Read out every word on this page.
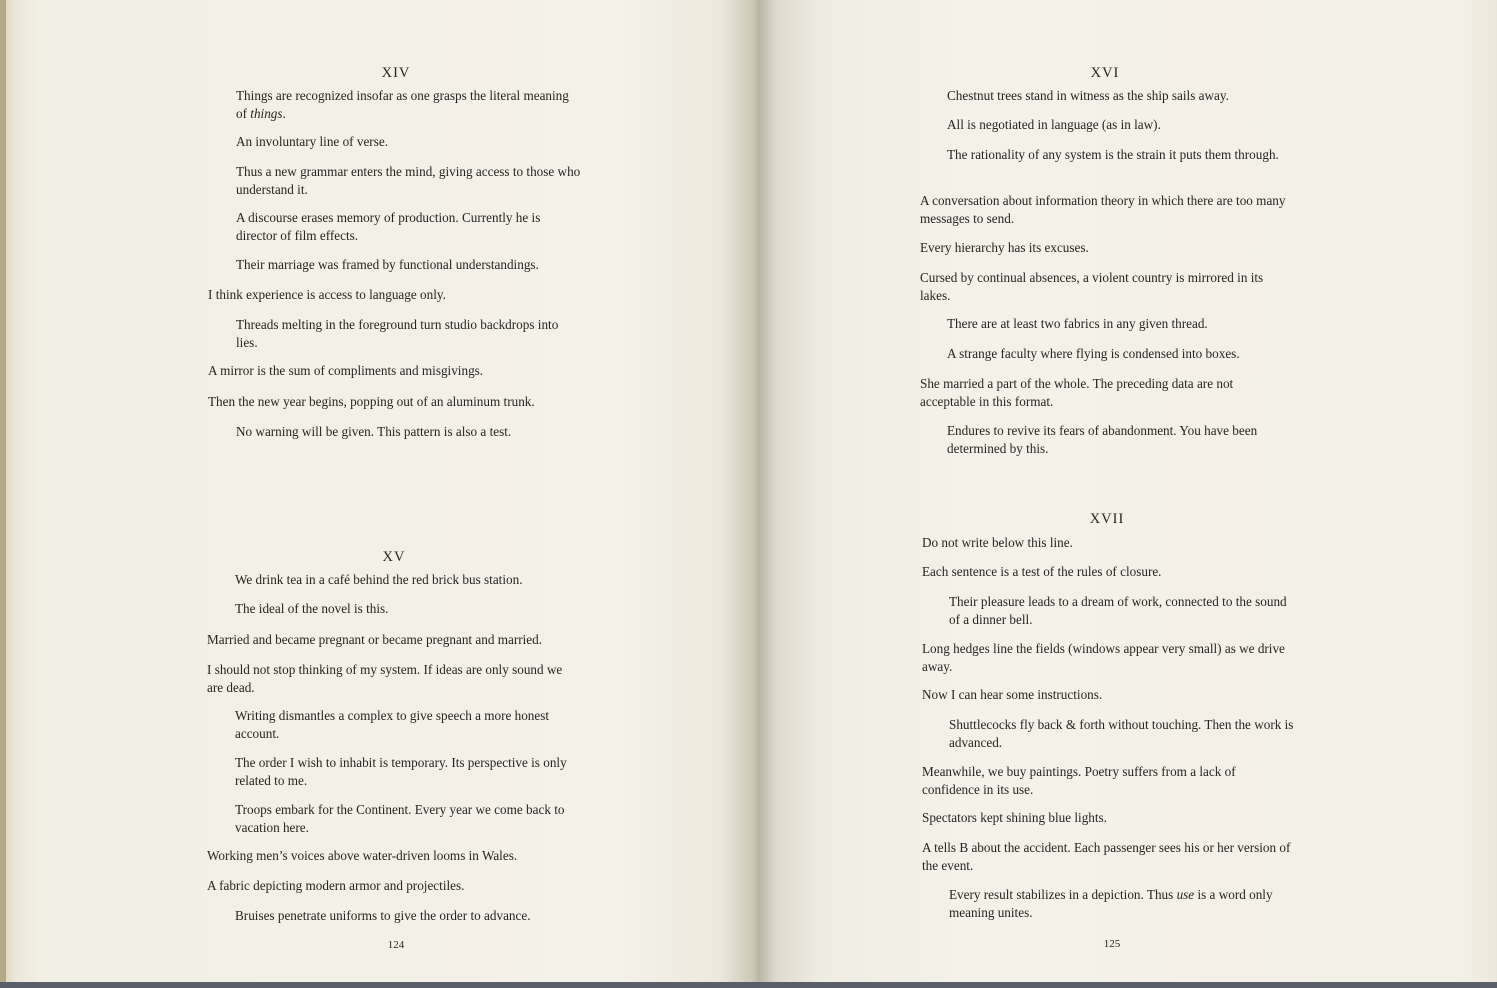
XIV

Things are recognized insofar as one grasps the literal meaning of things.

An involuntary line of verse.

Thus a new grammar enters the mind, giving access to those who understand it.

A discourse erases memory of production. Currently he is director of film effects.

Their marriage was framed by functional understandings.

I think experience is access to language only.

Threads melting in the foreground turn studio backdrops into lies.

A mirror is the sum of compliments and misgivings.

Then the new year begins, popping out of an aluminum trunk.

No warning will be given. This pattern is also a test.

XV

We drink tea in a café behind the red brick bus station.

The ideal of the novel is this.

Married and became pregnant or became pregnant and married.

I should not stop thinking of my system. If ideas are only sound we are dead.

Writing dismantles a complex to give speech a more honest account.

The order I wish to inhabit is temporary. Its perspective is only related to me.

Troops embark for the Continent. Every year we come back to vacation here.

Working men’s voices above water-driven looms in Wales.

A fabric depicting modern armor and projectiles.

Bruises penetrate uniforms to give the order to advance.

124
XVI

Chestnut trees stand in witness as the ship sails away.

All is negotiated in language (as in law).

The rationality of any system is the strain it puts them through.

A conversation about information theory in which there are too many messages to send.

Every hierarchy has its excuses.

Cursed by continual absences, a violent country is mirrored in its lakes.

There are at least two fabrics in any given thread.

A strange faculty where flying is condensed into boxes.

She married a part of the whole. The preceding data are not acceptable in this format.

Endures to revive its fears of abandonment. You have been determined by this.

XVII

Do not write below this line.

Each sentence is a test of the rules of closure.

Their pleasure leads to a dream of work, connected to the sound of a dinner bell.

Long hedges line the fields (windows appear very small) as we drive away.

Now I can hear some instructions.

Shuttlecocks fly back & forth without touching. Then the work is advanced.

Meanwhile, we buy paintings. Poetry suffers from a lack of confidence in its use.

Spectators kept shining blue lights.

A tells B about the accident. Each passenger sees his or her version of the event.

Every result stabilizes in a depiction. Thus use is a word only meaning unites.

125
